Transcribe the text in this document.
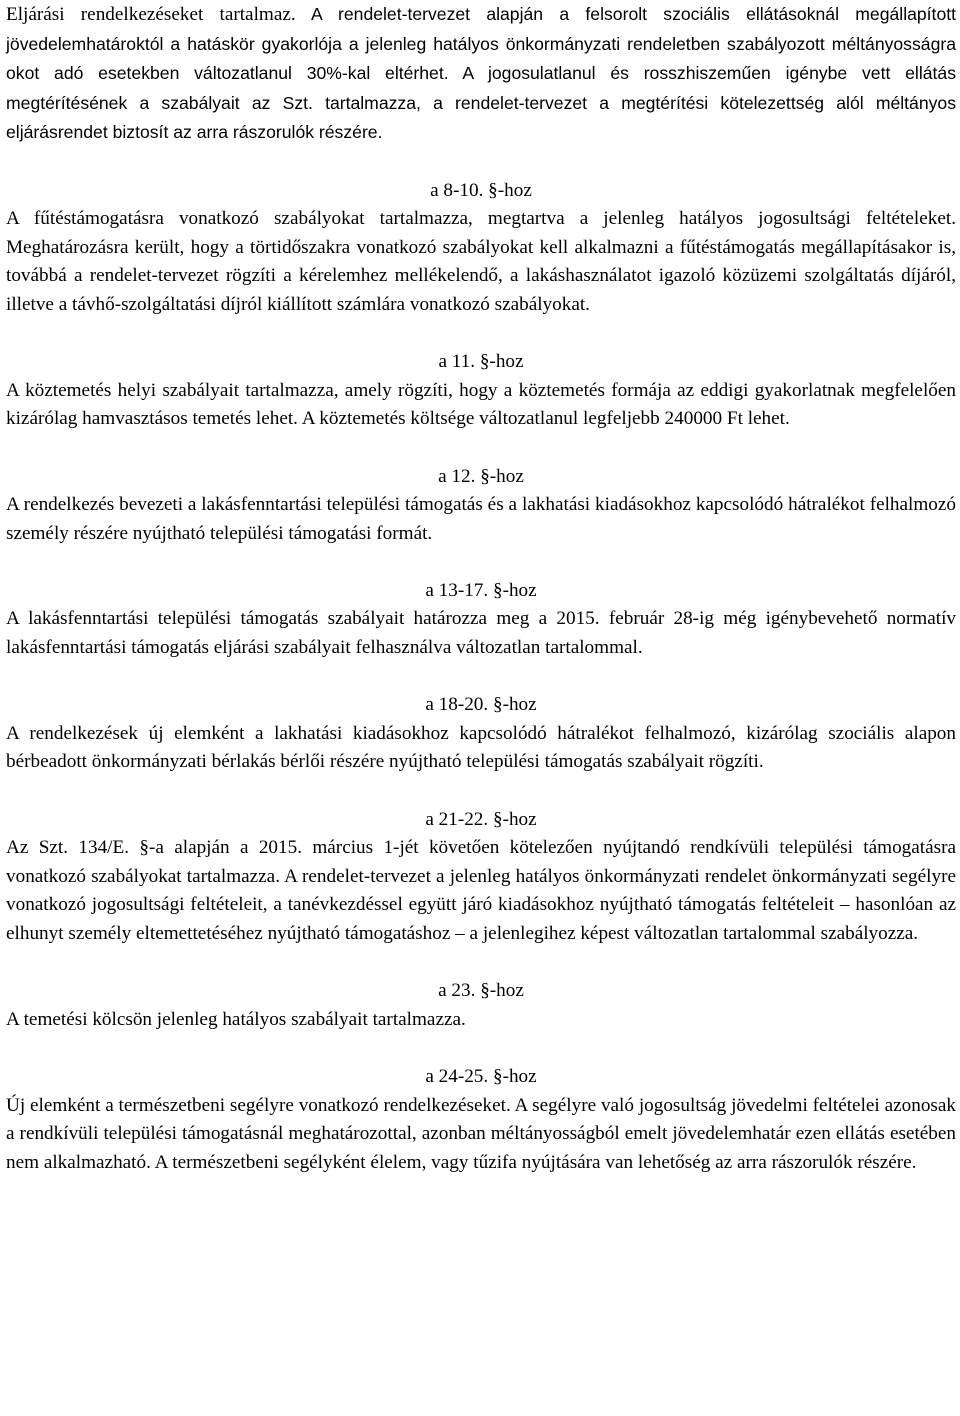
Eljárási rendelkezéseket tartalmaz. A rendelet-tervezet alapján a felsorolt szociális ellátásoknál megállapított jövedelemhatároktól a hatáskör gyakorlója a jelenleg hatályos önkormányzati rendeletben szabályozott méltányosságra okot adó esetekben változatlanul 30%-kal eltérhet. A jogosulatlanul és rosszhiszeműen igénybe vett ellátás megtérítésének a szabályait az Szt. tartalmazza, a rendelet-tervezet a megtérítési kötelezettség alól méltányos eljárásrendet biztosít az arra rászorulók részére.

a 8-10. §-hoz

A fűtéstámogatásra vonatkozó szabályokat tartalmazza, megtartva a jelenleg hatályos jogosultsági feltételeket. Meghatározásra került, hogy a törtidőszakra vonatkozó szabályokat kell alkalmazni a fűtéstámogatás megállapításakor is, továbbá a rendelet-tervezet rögzíti a kérelemhez mellékelendő, a lakáshasználatot igazoló közüzemi szolgáltatás díjáról, illetve a távhő-szolgáltatási díjról kiállított számlára vonatkozó szabályokat.

a 11. §-hoz

A köztemetés helyi szabályait tartalmazza, amely rögzíti, hogy a köztemetés formája az eddigi gyakorlatnak megfelelően kizárólag hamvasztásos temetés lehet. A köztemetés költsége változatlanul legfeljebb 240000 Ft lehet.

a 12. §-hoz

A rendelkezés bevezeti a lakásfenntartási települési támogatás és a lakhatási kiadásokhoz kapcsolódó hátralékot felhalmozó személy részére nyújtható települési támogatási formát.

a 13-17. §-hoz

A lakásfenntartási települési támogatás szabályait határozza meg a 2015. február 28-ig még igénybevehető normatív lakásfenntartási támogatás eljárási szabályait felhasználva változatlan tartalommal.

a 18-20. §-hoz

A rendelkezések új elemként a lakhatási kiadásokhoz kapcsolódó hátralékot felhalmozó, kizárólag szociális alapon bérbeadott önkormányzati bérlakás bérlői részére nyújtható települési támogatás szabályait rögzíti.

a 21-22. §-hoz

Az Szt. 134/E. §-a alapján a 2015. március 1-jét követően kötelezően nyújtandó rendkívüli települési támogatásra vonatkozó szabályokat tartalmazza. A rendelet-tervezet a jelenleg hatályos önkormányzati rendelet önkormányzati segélyre vonatkozó jogosultsági feltételeit, a tanévkezdéssel együtt járó kiadásokhoz nyújtható támogatás feltételeit – hasonlóan az elhunyt személy eltemettetéséhez nyújtható támogatáshoz – a jelenlegihez képest változatlan tartalommal szabályozza.

a 23. §-hoz

A temetési kölcsön jelenleg hatályos szabályait tartalmazza.

a 24-25. §-hoz

Új elemként a természetbeni segélyre vonatkozó rendelkezéseket. A segélyre való jogosultság jövedelmi feltételei azonosak a rendkívüli települési támogatásnál meghatározottal, azonban méltányosságból emelt jövedelemhatár ezen ellátás esetében nem alkalmazható. A természetbeni segélyként élelem, vagy tűzifa nyújtására van lehetőség az arra rászorulók részére.
